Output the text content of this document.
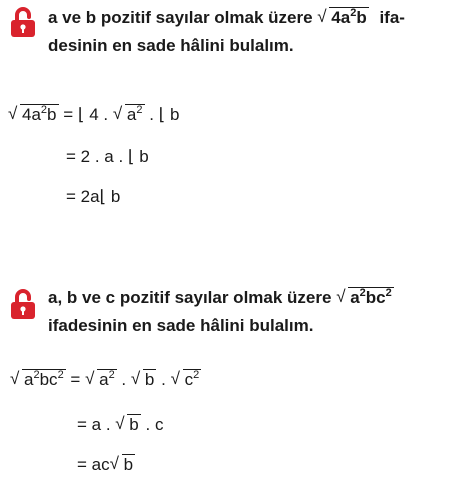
a ve b pozitif sayılar olmak üzere √ $4a^2b$ ifa-
desinin en sade hâlini bulalım.
√ $4a^2b$ = ⌊ 4 . √ $a^2$ . ⌊ b
= 2 . a . ⌊ b
= 2a⌊ b
a, b ve c pozitif sayılar olmak üzere √ $a^2bc^2$
ifadesinin en sade hâlini bulalım.
√ $a^2bc^2$ = √ $a^2$ . √ b . √ $c^2$
= a . √ b . c
= ac √ b
